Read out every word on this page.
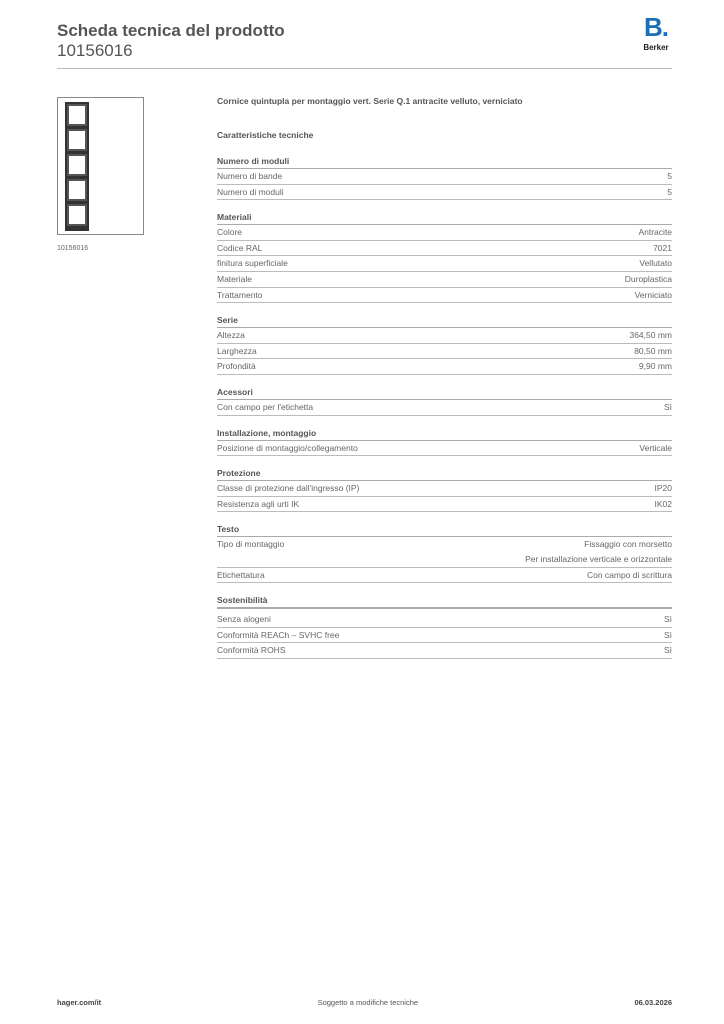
Scheda tecnica del prodotto
10156016
B.
Berker
10156016
Cornice quintupla per montaggio vert. Serie Q.1 antracite velluto, verniciato
Caratteristiche tecniche
Numero di moduli
Numero di bande	5
Numero di moduli	5
Materiali
Colore	Antracite
Codice RAL	7021
finitura superficiale	Vellutato
Materiale	Duroplastica
Trattamento	Verniciato
Serie
Altezza	364,50 mm
Larghezza	80,50 mm
Profondità	9,90 mm
Acessori
Con campo per l'etichetta	Sì
Installazione, montaggio
Posizione di montaggio/collegamento	Verticale
Protezione
Classe di protezione dall'ingresso (IP)	IP20
Resistenza agli urti IK	IK02
Testo
Tipo di montaggio	Fissaggio con morsetto
Per installazione verticale e orizzontale
Etichettatura	Con campo di scrittura
Sostenibilità
Senza alogeni	Sì
Conformità REACh – SVHC free	Sì
Conformità ROHS	Sì
hager.com/it	Soggetto a modifiche tecniche	06.03.2026
